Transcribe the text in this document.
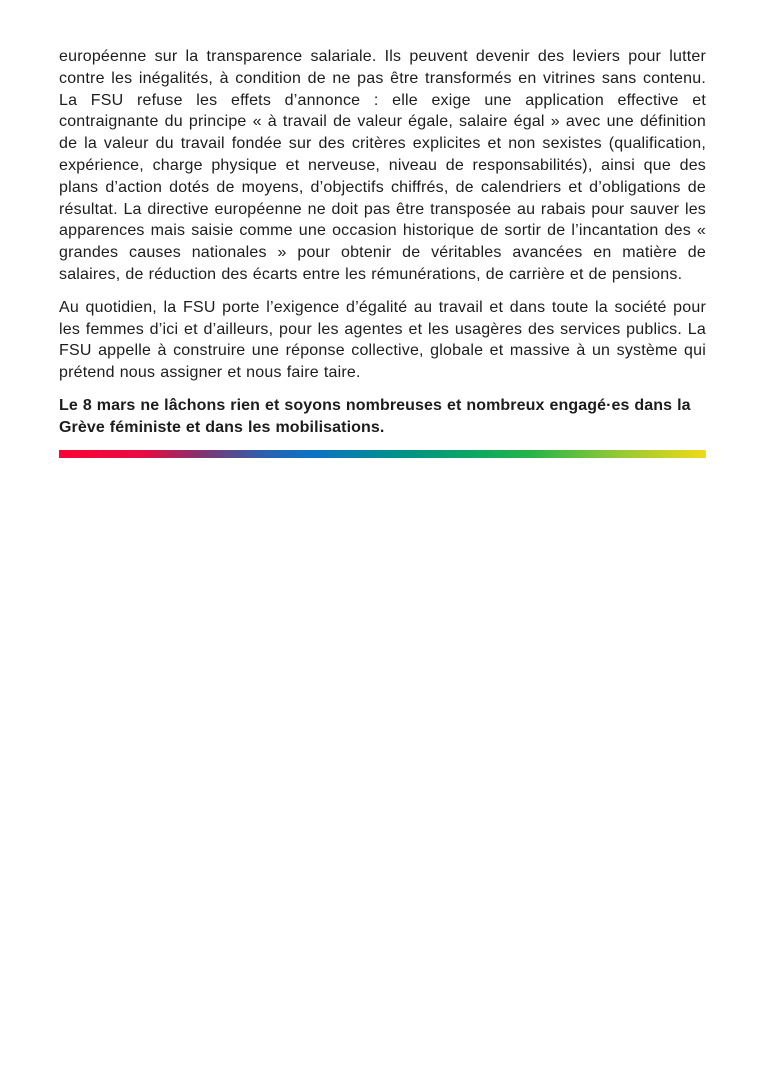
européenne sur la transparence salariale. Ils peuvent devenir des leviers pour lutter contre les inégalités, à condition de ne pas être transformés en vitrines sans contenu. La FSU refuse les effets d’annonce : elle exige une application effective et contraignante du principe « à travail de valeur égale, salaire égal » avec une définition de la valeur du travail fondée sur des critères explicites et non sexistes (qualification, expérience, charge physique et nerveuse, niveau de responsabilités), ainsi que des plans d’action dotés de moyens, d’objectifs chiffrés, de calendriers et d’obligations de résultat. La directive européenne ne doit pas être transposée au rabais pour sauver les apparences mais saisie comme une occasion historique de sortir de l’incantation des « grandes causes nationales » pour obtenir de véritables avancées en matière de salaires, de réduction des écarts entre les rémunérations, de carrière et de pensions.

Au quotidien, la FSU porte l’exigence d’égalité au travail et dans toute la société pour les femmes d’ici et d’ailleurs, pour les agentes et les usagères des services publics. La FSU appelle à construire une réponse collective, globale et massive à un système qui prétend nous assigner et nous faire taire.

Le 8 mars ne lâchons rien et soyons nombreuses et nombreux engagé·es dans la Grève féministe et dans les mobilisations.
